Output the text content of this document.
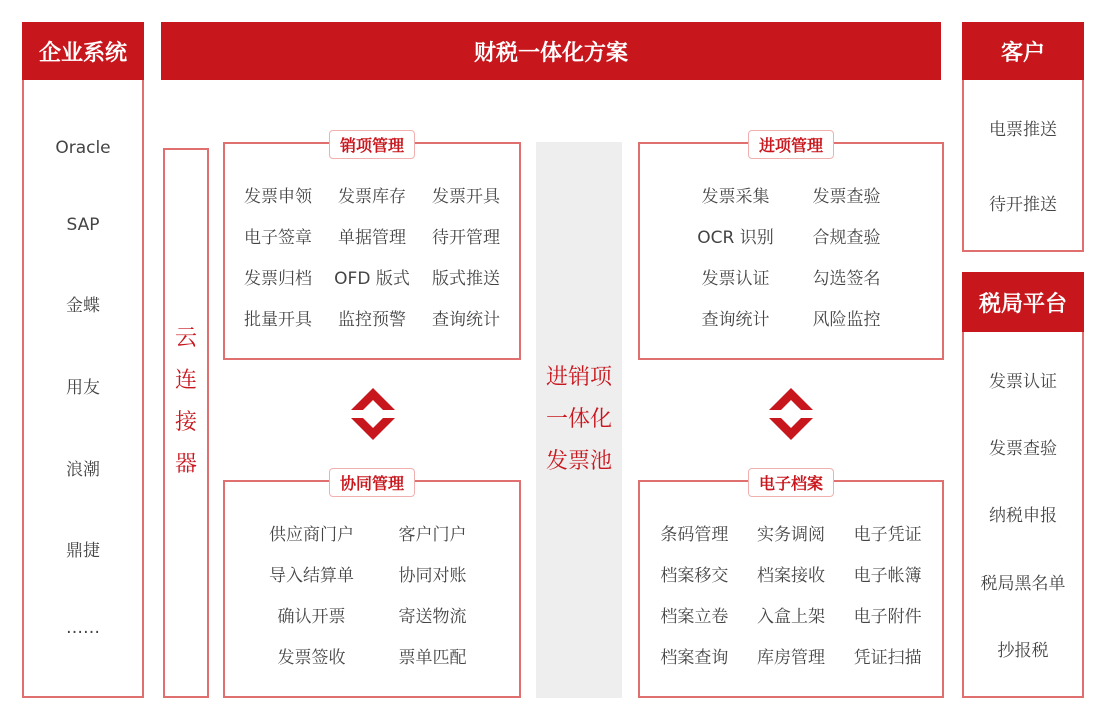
企业系统	财税一体化方案	客户
Oracle
SAP
金蝶
用友
浪潮
鼎捷
……
云
连
接
器
销项管理
发票申领	发票库存	发票开具
电子签章	单据管理	待开管理
发票归档	OFD 版式	版式推送
批量开具	监控预警	查询统计
协同管理
供应商门户	客户门户
导入结算单	协同对账
确认开票	寄送物流
发票签收	票单匹配
进销项
一体化
发票池
进项管理
发票采集	发票查验
OCR 识别	合规查验
发票认证	勾选签名
查询统计	风险监控
电子档案
条码管理	实务调阅	电子凭证
档案移交	档案接收	电子帐簿
档案立卷	入盒上架	电子附件
档案查询	库房管理	凭证扫描
电票推送
待开推送
税局平台
发票认证
发票查验
纳税申报
税局黑名单
抄报税
